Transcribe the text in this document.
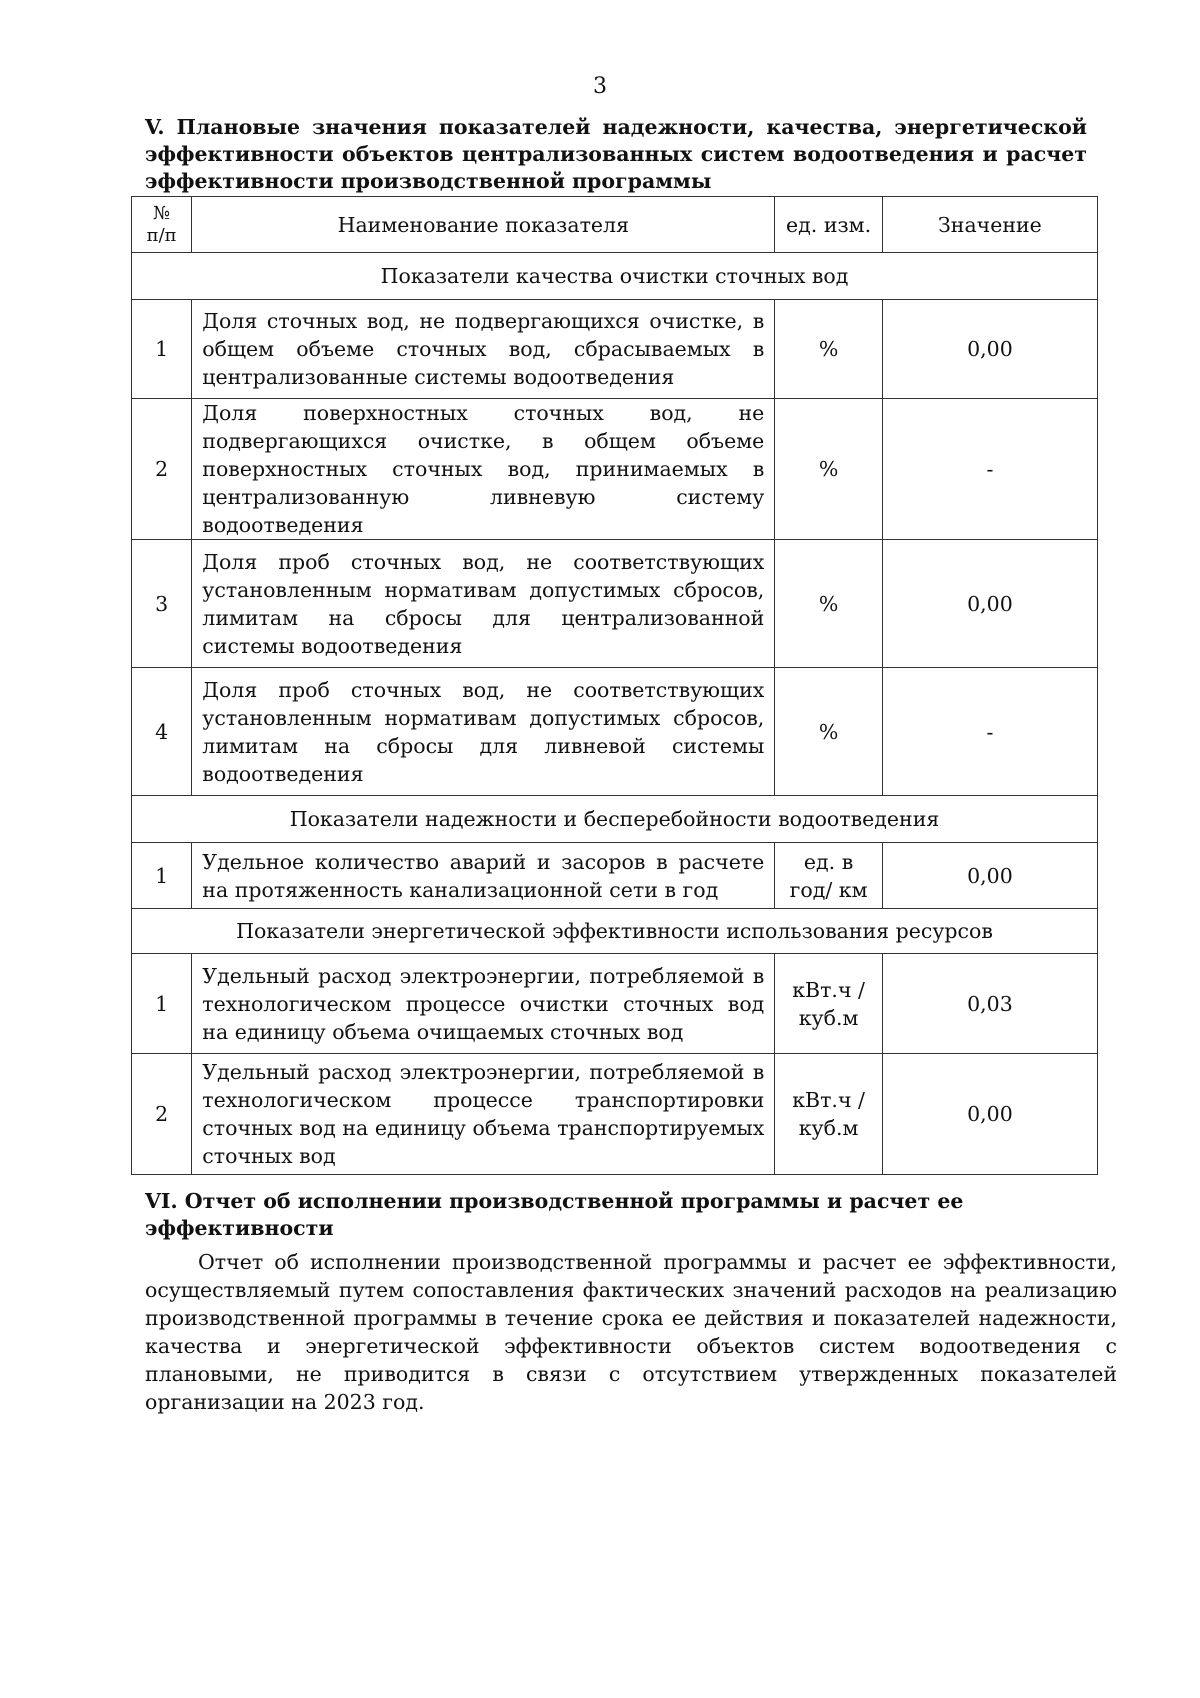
3
V. Плановые значения показателей надежности, качества, энергетической эффективности объектов централизованных систем водоотведения и расчет эффективности производственной программы
№ п/п	Наименование показателя	ед. изм.	Значение
Показатели качества очистки сточных вод			
1	Доля сточных вод, не подвергающихся очистке, в общем объеме сточных вод, сбрасываемых в централизованные системы водоотведения	%	0,00
2	Доля поверхностных сточных вод, не подвергающихся очистке, в общем объеме поверхностных сточных вод, принимаемых в централизованную ливневую систему водоотведения	%	-
3	Доля проб сточных вод, не соответствующих установленным нормативам допустимых сбросов, лимитам на сбросы для централизованной системы водоотведения	%	0,00
4	Доля проб сточных вод, не соответствующих установленным нормативам допустимых сбросов, лимитам на сбросы для ливневой системы водоотведения	%	-
Показатели надежности и бесперебойности водоотведения			
1	Удельное количество аварий и засоров в расчете на протяженность канализационной сети в год	ед. в год/ км	0,00
Показатели энергетической эффективности использования ресурсов			
1	Удельный расход электроэнергии, потребляемой в технологическом процессе очистки сточных вод на единицу объема очищаемых сточных вод	кВт.ч / куб.м	0,03
2	Удельный расход электроэнергии, потребляемой в технологическом процессе транспортировки сточных вод на единицу объема транспортируемых сточных вод	кВт.ч / куб.м	0,00
VI. Отчет об исполнении производственной программы и расчет ее эффективности
Отчет об исполнении производственной программы и расчет ее эффективности, осуществляемый путем сопоставления фактических значений расходов на реализацию производственной программы в течение срока ее действия и показателей надежности, качества и энергетической эффективности объектов систем водоотведения с плановыми, не приводится в связи с отсутствием утвержденных показателей организации на 2023 год.
